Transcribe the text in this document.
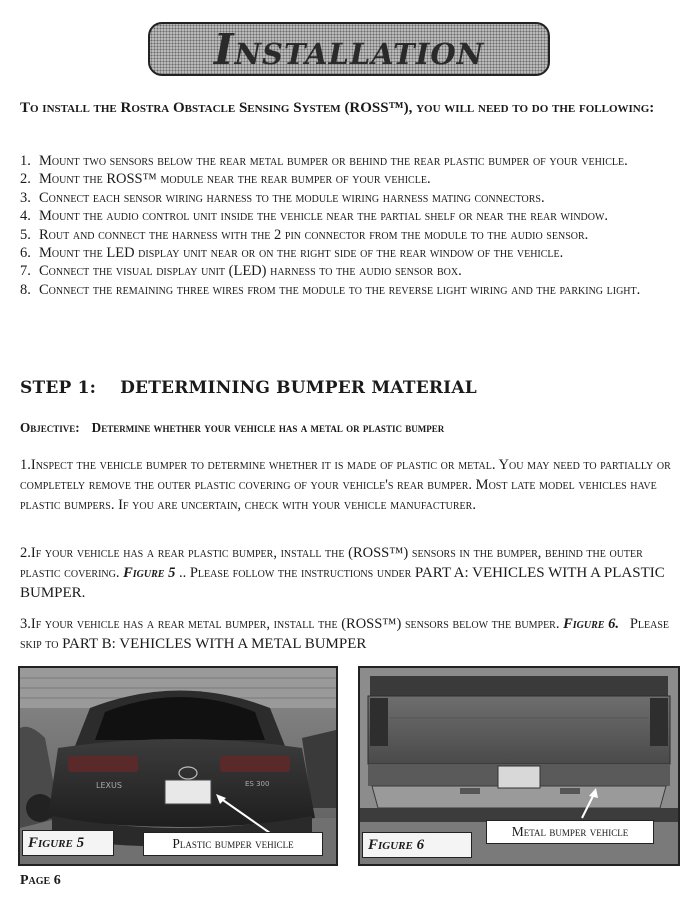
Installation
To install the Rostra Obstacle Sensing System (ROSS™), you will need to do the following:
1. Mount two sensors below the rear metal bumper or behind the rear plastic bumper of your vehicle.
2. Mount the ROSS™ module near the rear bumper of your vehicle.
3. Connect each sensor wiring harness to the module wiring harness mating connectors.
4. Mount the audio control unit inside the vehicle near the partial shelf or near the rear window.
5. Rout and connect the harness with the 2 pin connector from the module to the audio sensor.
6. Mount the LED display unit near or on the right side of the rear window of the vehicle.
7. Connect the visual display unit (LED) harness to the audio sensor box.
8. Connect the remaining three wires from the module to the reverse light wiring and the parking light.
STEP 1: DETERMINING BUMPER MATERIAL
Objective: Determine whether your vehicle has a metal or plastic bumper
1.Inspect the vehicle bumper to determine whether it is made of plastic or metal. You may need to partially or completely remove the outer plastic covering of your vehicle's rear bumper. Most late model vehicles have plastic bumpers. If you are uncertain, check with your vehicle manufacturer.
2.If your vehicle has a rear plastic bumper, install the (ROSS™) sensors in the bumper, behind the outer plastic covering. Figure 5 .. Please follow the instructions under PART A: VEHICLES WITH A PLASTIC BUMPER.
3.If your vehicle has a rear metal bumper, install the (ROSS™) sensors below the bumper. Figure 6. Please skip to PART B: VEHICLES WITH A METAL BUMPER
LEXUS	ES 300
Figure 5	Plastic bumper vehicle
Metal bumper vehicle
Figure 6
Page 6
